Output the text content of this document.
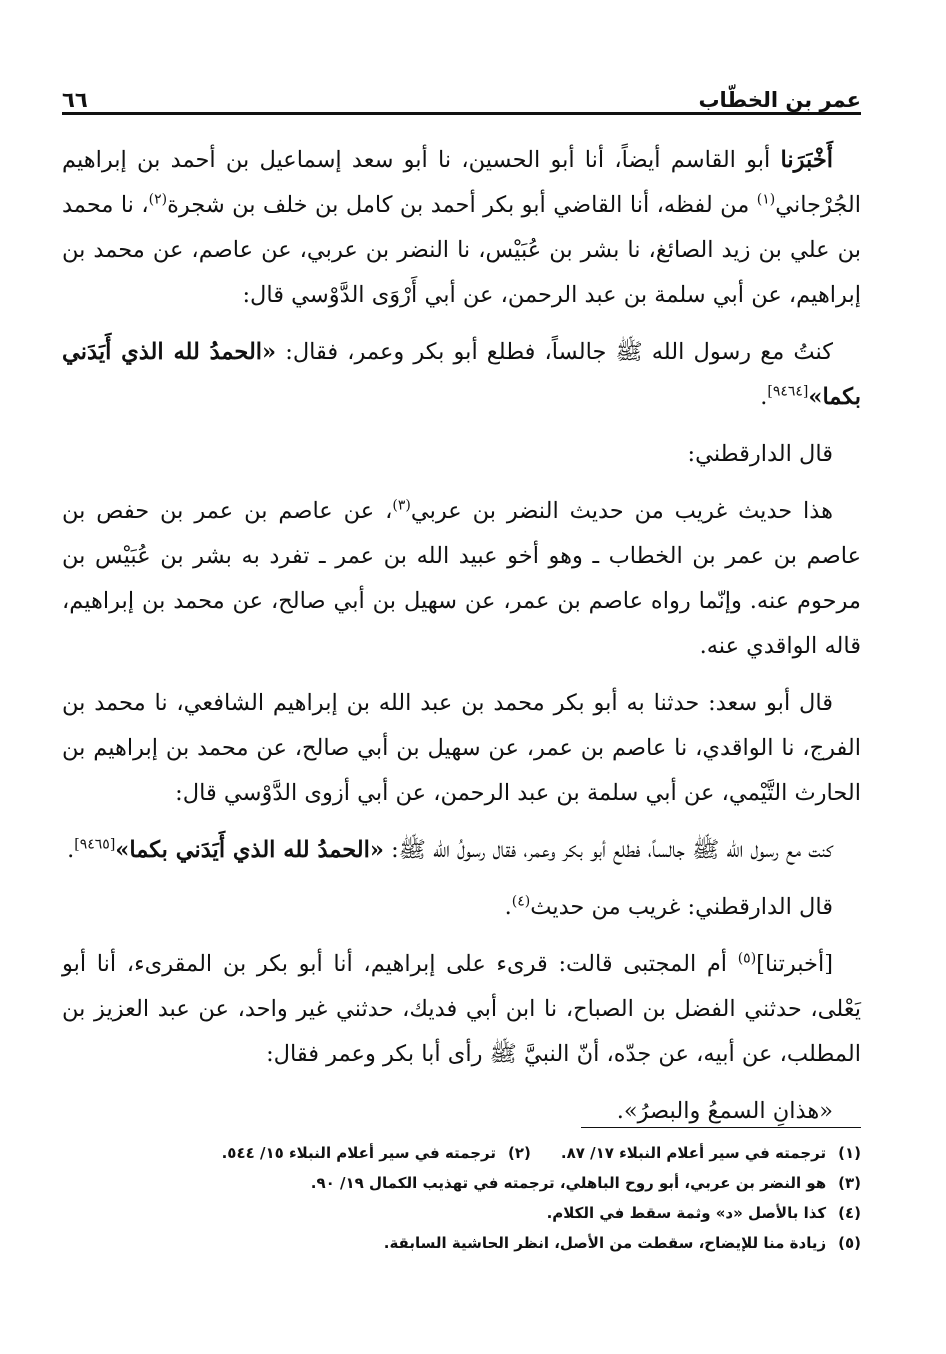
عمر بن الخطّاب
٦٦

أَخْبَرَنا أبو القاسم أيضاً، أنا أبو الحسين، نا أبو سعد إسماعيل بن أحمد بن إبراهيم الجُرْجاني$^{(١)}$ من لفظه، أنا القاضي أبو بكر أحمد بن كامل بن خلف بن شجرة$^{(٢)}$، نا محمد بن علي بن زيد الصائغ، نا بشر بن عُبَيْس، نا النضر بن عربي، عن عاصم، عن محمد بن إبراهيم، عن أبي سلمة بن عبد الرحمن، عن أبي أَرْوَى الدَّوْسي قال:

كنتُ مع رسول الله ﷺ جالساً، فطلع أبو بكر وعمر، فقال: «الحمدُ لله الذي أَيَدَني بكما»[٩٤٦٤].

قال الدارقطني:

هذا حديث غريب من حديث النضر بن عربي$^{(٣)}$، عن عاصم بن عمر بن حفص بن عاصم بن عمر بن الخطاب ـ وهو أخو عبيد الله بن عمر ـ تفرد به بشر بن عُبَيْس بن مرحوم عنه. وإنّما رواه عاصم بن عمر، عن سهيل بن أبي صالح، عن محمد بن إبراهيم، قاله الواقدي عنه.

قال أبو سعد: حدثنا به أبو بكر محمد بن عبد الله بن إبراهيم الشافعي، نا محمد بن الفرج، نا الواقدي، نا عاصم بن عمر، عن سهيل بن أبي صالح، عن محمد بن إبراهيم بن الحارث التَّيْمي، عن أبي سلمة بن عبد الرحمن، عن أبي أزوى الدَّوْسي قال:

كنت مع رسول الله ﷺ جالساً، فطلع أبو بكر وعمر، فقال رسولُ الله ﷺ: «الحمدُ لله الذي أَيَدَني بكما»[٩٤٦٥].

قال الدارقطني: غريب من حديث$^{(٤)}$.

[أخبرتنا]$^{(٥)}$ أم المجتبى قالت: قرىء على إبراهيم، أنا أبو بكر بن المقرىء، أنا أبو يَعْلى، حدثني الفضل بن الصباح، نا ابن أبي فديك، حدثني غير واحد، عن عبد العزيز بن المطلب، عن أبيه، عن جدّه، أنّ النبيَّ ﷺ رأى أبا بكر وعمر فقال:

«هذانِ السمعُ والبصرُ».

(١)
ترجمته في سير أعلام النبلاء ١٧/ ٨٧.
(٢)
ترجمته في سير أعلام النبلاء ١٥/ ٥٤٤.
(٣)
هو النضر بن عربي، أبو روح الباهلي، ترجمته في تهذيب الكمال ١٩/ ٩٠.
(٤)
كذا بالأصل «د» وثمة سقط في الكلام.
(٥)
زيادة منا للإيضاح، سقطت من الأصل، انظر الحاشية السابقة.
